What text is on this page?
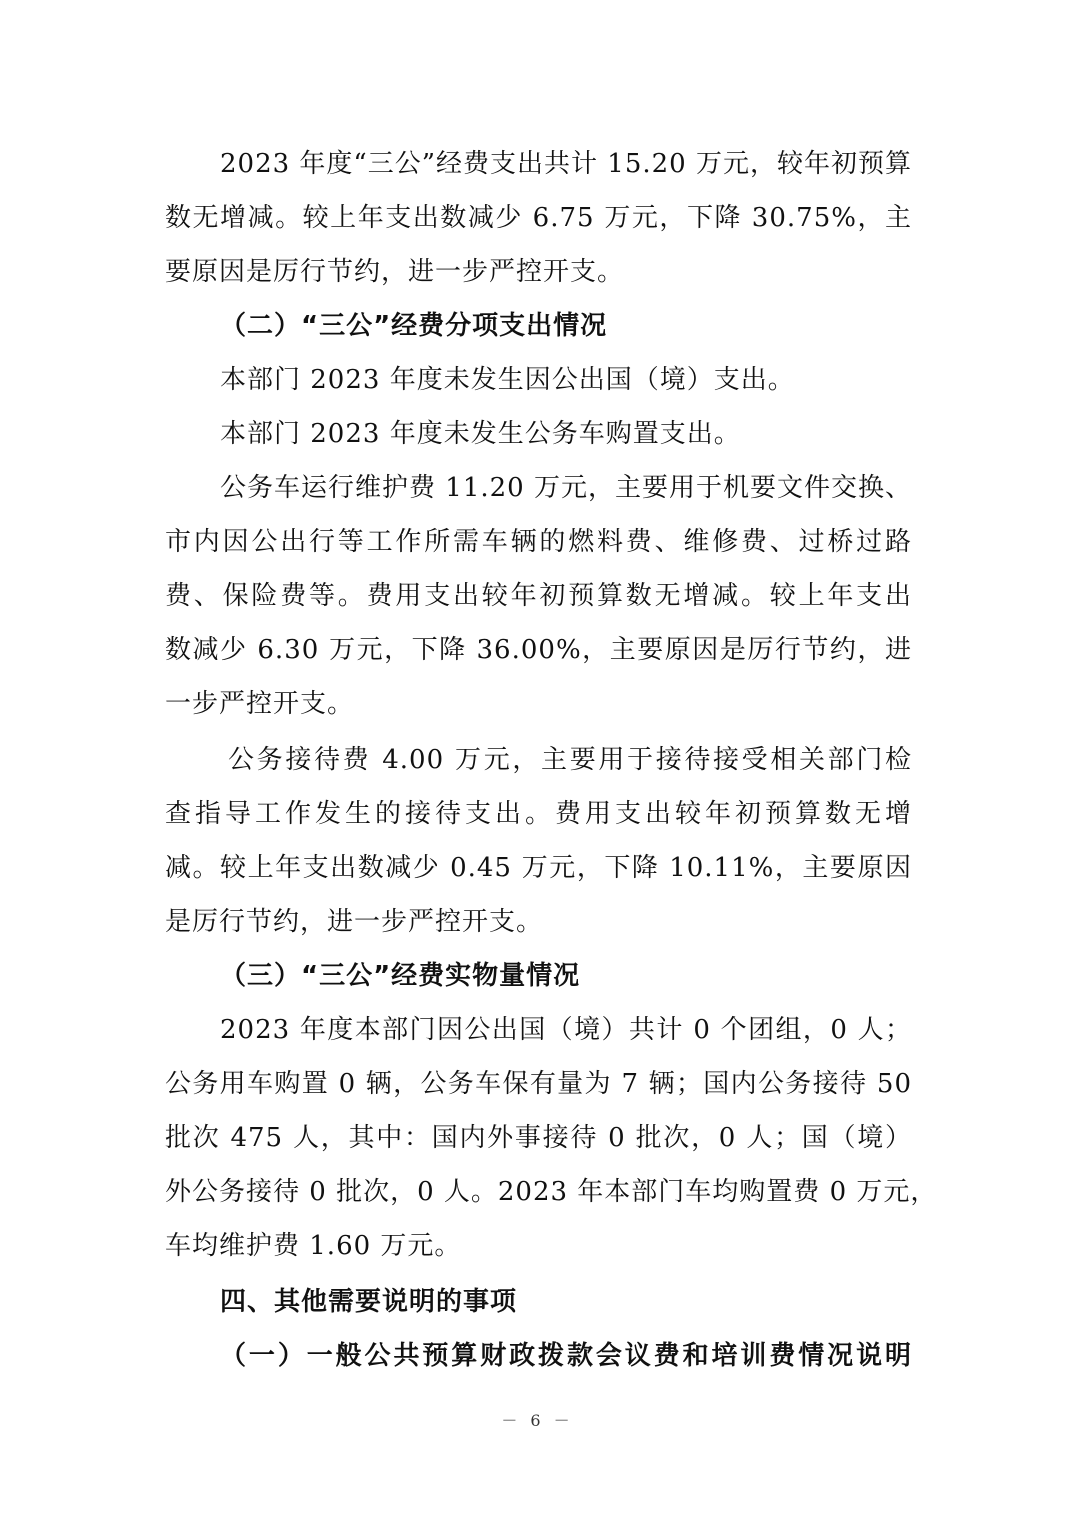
2023 年度“三公”经费支出共计 15.20 万元，较年初预算
数无增减。较上年支出数减少 6.75 万元，下降 30.75%，主
要原因是厉行节约，进一步严控开支。
（二）“三公”经费分项支出情况
本部门 2023 年度未发生因公出国（境）支出。
本部门 2023 年度未发生公务车购置支出。
公务车运行维护费 11.20 万元，主要用于机要文件交换、
市内因公出行等工作所需车辆的燃料费、维修费、过桥过路
费、保险费等。费用支出较年初预算数无增减。较上年支出
数减少 6.30 万元，下降 36.00%，主要原因是厉行节约，进
一步严控开支。
公务接待费 4.00 万元，主要用于接待接受相关部门检
查指导工作发生的接待支出。费用支出较年初预算数无增
减。较上年支出数减少 0.45 万元，下降 10.11%，主要原因
是厉行节约，进一步严控开支。
（三）“三公”经费实物量情况
2023 年度本部门因公出国（境）共计 0 个团组，0 人；
公务用车购置 0 辆，公务车保有量为 7 辆；国内公务接待 50
批次 475 人，其中：国内外事接待 0 批次，0 人；国（境）
外公务接待 0 批次，0 人。2023 年本部门车均购置费 0 万元，
车均维护费 1.60 万元。
四、其他需要说明的事项
（一）一般公共预算财政拨款会议费和培训费情况说明
－ 6 －
